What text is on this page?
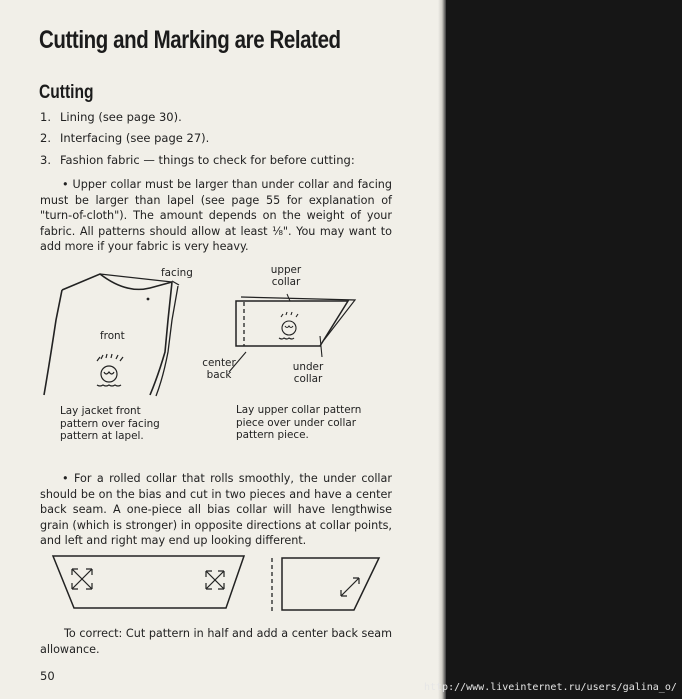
Cutting and Marking are Related
Cutting
1. Lining (see page 30).
2. Interfacing (see page 27).
3. Fashion fabric — things to check for before cutting:

• Upper collar must be larger than under collar and facing must be larger than lapel (see page 55 for explanation of "turn-of-cloth"). The amount depends on the weight of your fabric. All patterns should allow at least ⅛". You may want to add more if your fabric is very heavy.

facing
front

Lay jacket front pattern over facing pattern at lapel.

upper collar
center back
under collar

Lay upper collar pattern piece over under collar pattern piece.

• For a rolled collar that rolls smoothly, the under collar should be on the bias and cut in two pieces and have a center back seam. A one-piece all bias collar will have lengthwise grain (which is stronger) in opposite directions at collar points, and left and right may end up looking different.

To correct: Cut pattern in half and add a center back seam allowance.

50
http://www.liveinternet.ru/users/galina_o/
